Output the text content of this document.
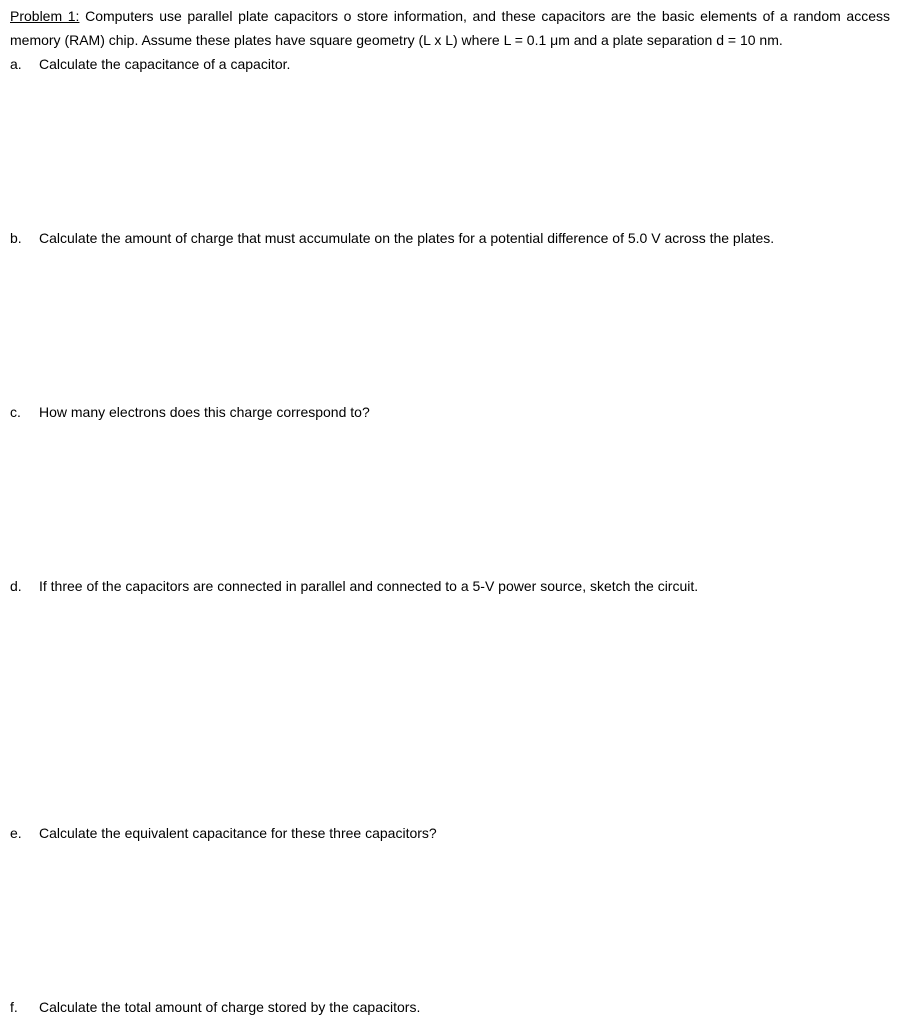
Problem 1: Computers use parallel plate capacitors o store information, and these capacitors are the basic elements of a random access memory (RAM) chip. Assume these plates have square geometry (L x L) where L = 0.1 μm and a plate separation d = 10 nm.
a. Calculate the capacitance of a capacitor.
b. Calculate the amount of charge that must accumulate on the plates for a potential difference of 5.0 V across the plates.
c. How many electrons does this charge correspond to?
d. If three of the capacitors are connected in parallel and connected to a 5-V power source, sketch the circuit.
e. Calculate the equivalent capacitance for these three capacitors?
f. Calculate the total amount of charge stored by the capacitors.
